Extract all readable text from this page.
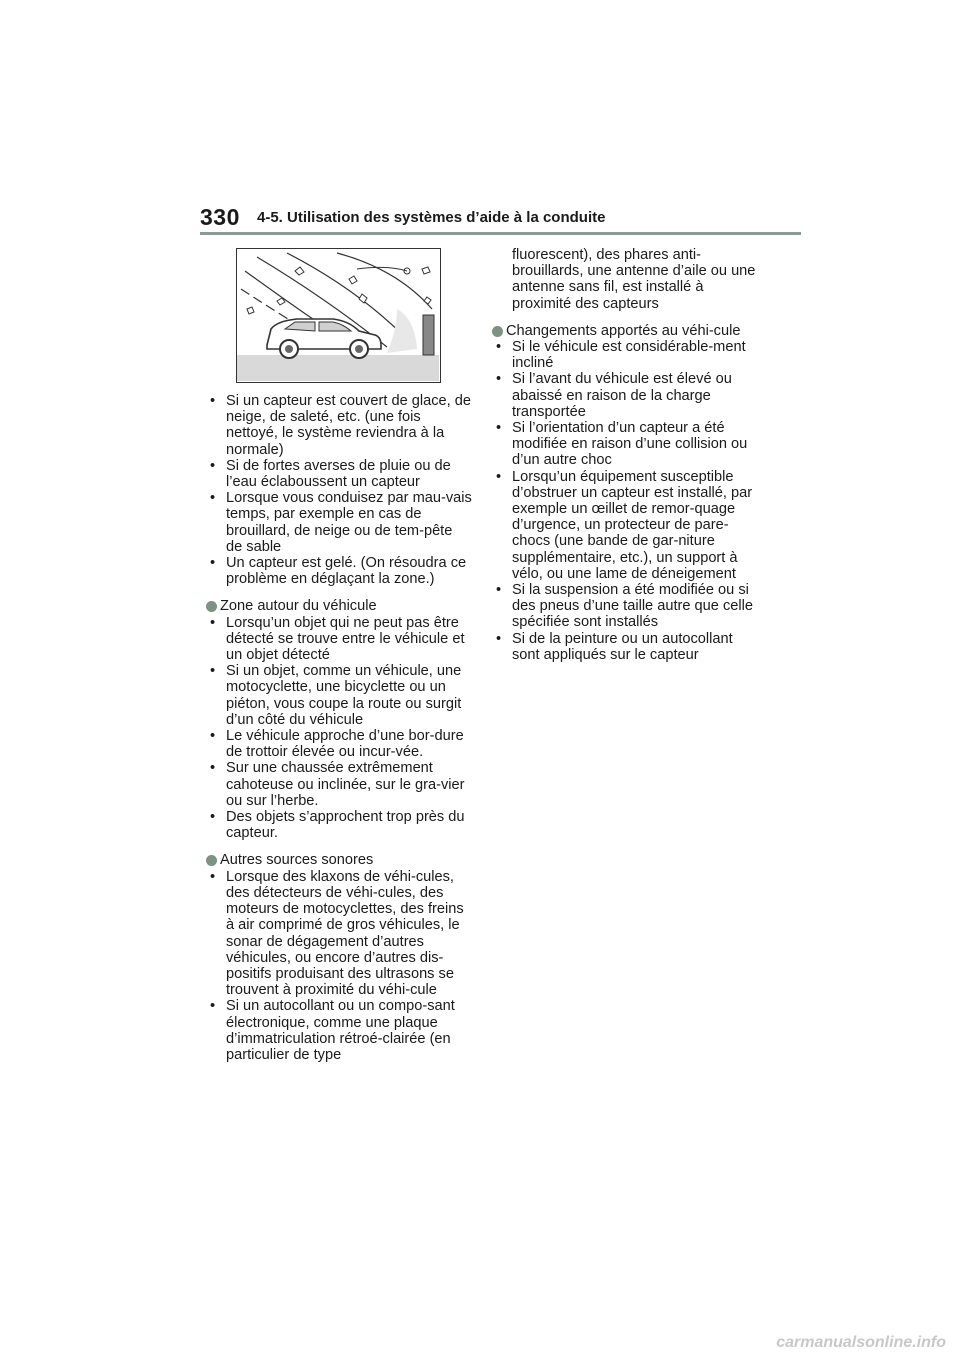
330 4-5. Utilisation des systèmes d’aide à la conduite
• Si un capteur est couvert de glace, de neige, de saleté, etc. (une fois nettoyé, le système reviendra à la normale)
• Si de fortes averses de pluie ou de l’eau éclaboussent un capteur
• Lorsque vous conduisez par mau-vais temps, par exemple en cas de brouillard, de neige ou de tem-pête de sable
• Un capteur est gelé. (On résoudra ce problème en déglaçant la zone.)
Zone autour du véhicule
• Lorsqu’un objet qui ne peut pas être détecté se trouve entre le véhicule et un objet détecté
• Si un objet, comme un véhicule, une motocyclette, une bicyclette ou un piéton, vous coupe la route ou surgit d’un côté du véhicule
• Le véhicule approche d’une bor-dure de trottoir élevée ou incur-vée.
• Sur une chaussée extrêmement cahoteuse ou inclinée, sur le gra-vier ou sur l’herbe.
• Des objets s’approchent trop près du capteur.
Autres sources sonores
• Lorsque des klaxons de véhi-cules, des détecteurs de véhi-cules, des moteurs de motocyclettes, des freins à air comprimé de gros véhicules, le sonar de dégagement d’autres véhicules, ou encore d’autres dis-positifs produisant des ultrasons se trouvent à proximité du véhi-cule
• Si un autocollant ou un compo-sant électronique, comme une plaque d’immatriculation rétroé-clairée (en particulier de type
fluorescent), des phares anti-brouillards, une antenne d’aile ou une antenne sans fil, est installé à proximité des capteurs
Changements apportés au véhi-cule
• Si le véhicule est considérable-ment incliné
• Si l’avant du véhicule est élevé ou abaissé en raison de la charge transportée
• Si l’orientation d’un capteur a été modifiée en raison d’une collision ou d’un autre choc
• Lorsqu’un équipement susceptible d’obstruer un capteur est installé, par exemple un œillet de remor-quage d’urgence, un protecteur de pare-chocs (une bande de gar-niture supplémentaire, etc.), un support à vélo, ou une lame de déneigement
• Si la suspension a été modifiée ou si des pneus d’une taille autre que celle spécifiée sont installés
• Si de la peinture ou un autocollant sont appliqués sur le capteur
carmanualsonline.info
